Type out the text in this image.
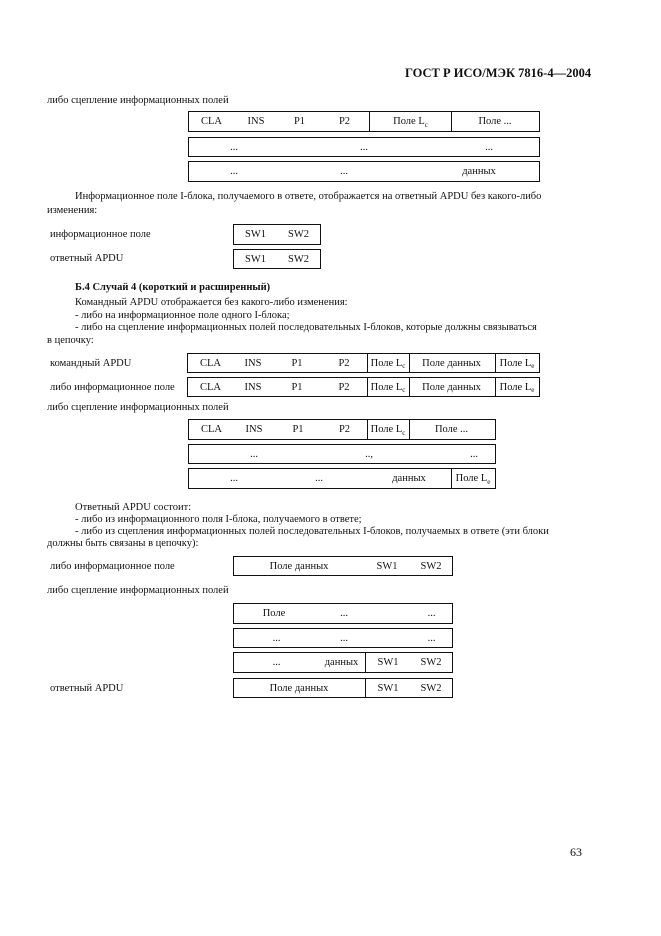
ГОСТ Р ИСО/МЭК 7816-4—2004
либо сцепление информационных полей
CLA	INS	P1	P2	Поле L c	Поле ...
...	...	...
...	...	данных
Информационное поле I-блока, получаемого в ответе, отображается на ответный APDU без какого-либо
изменения:
информационное поле	SW1	SW2
ответный APDU	SW1	SW2
Б.4 Случай 4 (короткий и расширенный)
Командный APDU отображается без какого-либо изменения:
- либо на информационное поле одного I-блока;
- либо на сцепление информационных полей последовательных I-блоков, которые должны связываться
в цепочку:
командный APDU	CLA	INS	P1	P2	Поле L c	Поле данных	Поле L e
либо информационное поле	CLA	INS	P1	P2	Поле L c	Поле данных	Поле L e
либо сцепление информационных полей
CLA	INS	P1	P2	Поле L c	Поле ...
...	..,	...
...	...	данных	Поле L e
Ответный APDU состоит:
- либо из информационного поля I-блока, получаемого в ответе;
- либо из сцепления информационных полей последовательных I-блоков, получаемых в ответе (эти блоки
должны быть связаны в цепочку):
либо информационное поле	Поле данных	SW1	SW2
либо сцепление информационных полей
Поле	...	...
...	...	...
...	данных	SW1	SW2
ответный APDU	Поле данных	SW1	SW2
63
